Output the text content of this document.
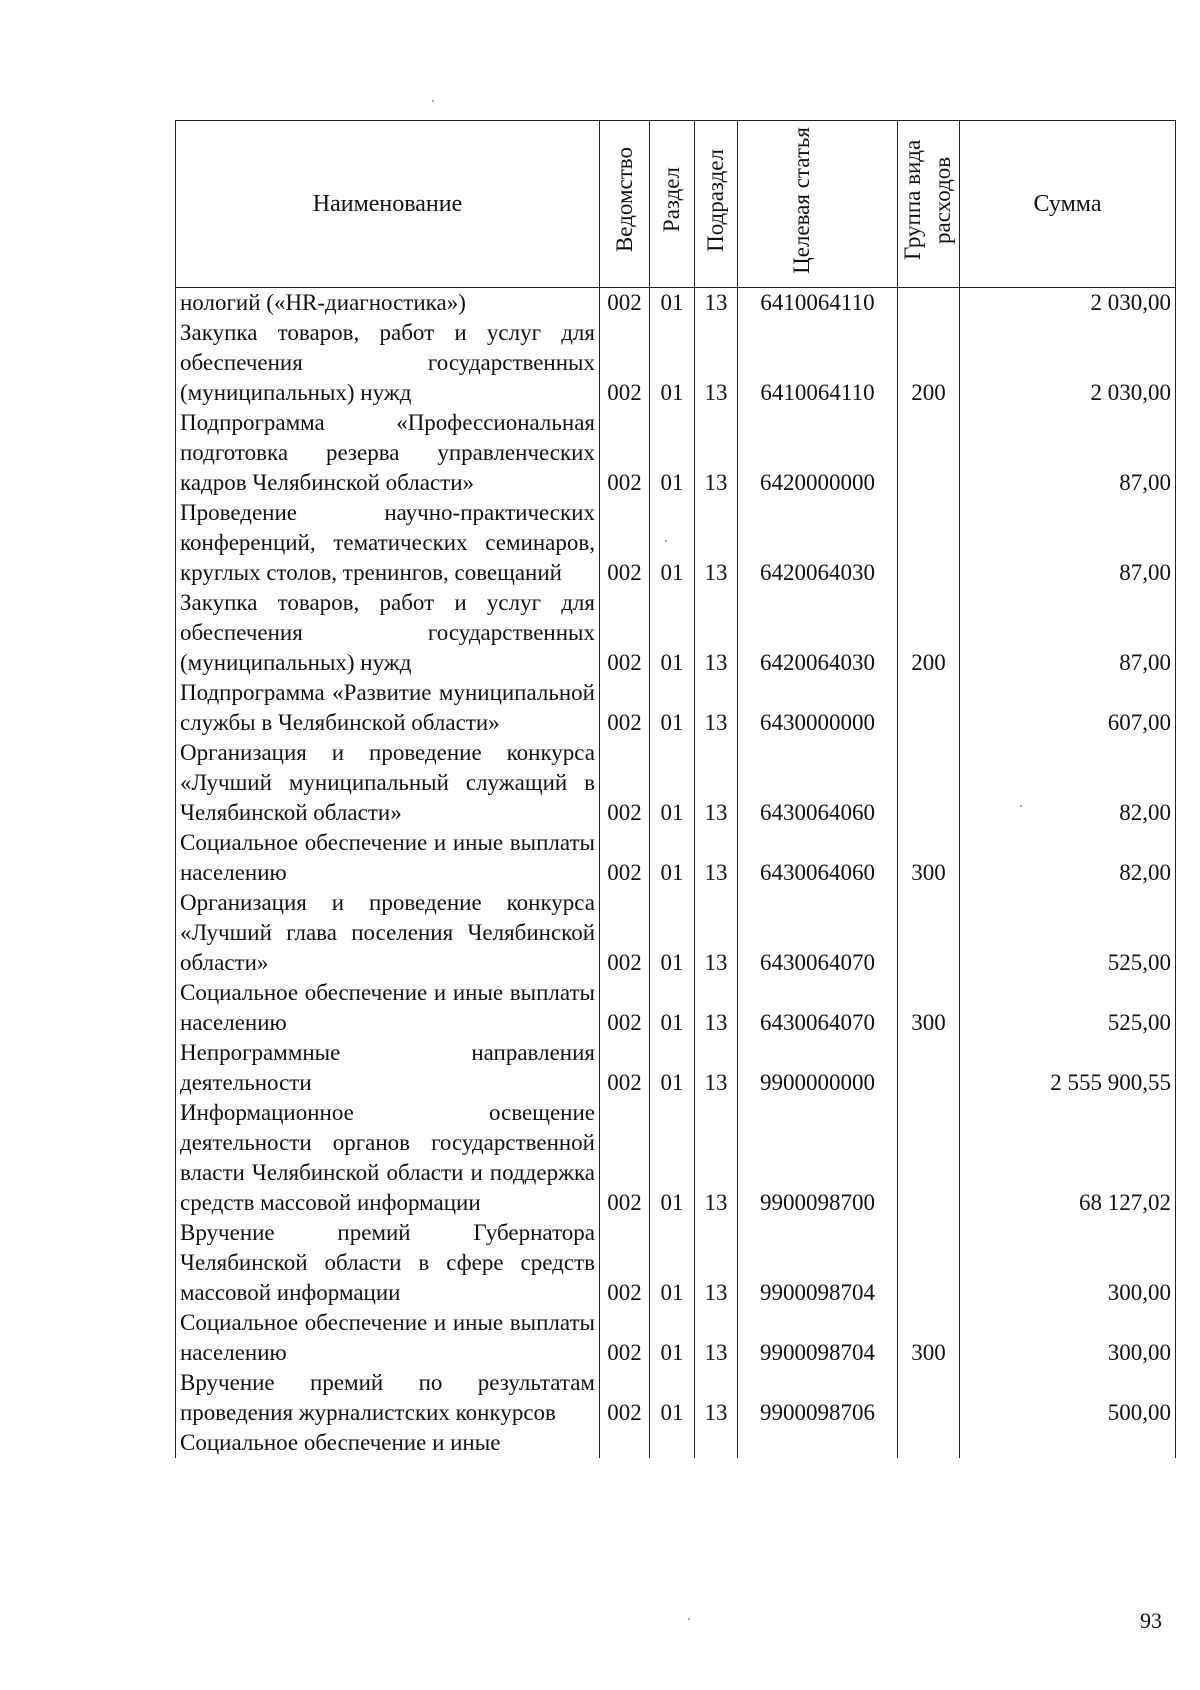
Наименование	Ведомство	Раздел	Подраздел	Целевая статья	Группа вида расходов	Сумма
нологий («HR-диагностика»)	002	01	13	6410064110		2 030,00
Закупка товаров, работ и услуг для обеспечения государственных (муниципальных) нужд	002	01	13	6410064110	200	2 030,00
Подпрограмма «Профессиональная подготовка резерва управленческих кадров Челябинской области»	002	01	13	6420000000		87,00
Проведение научно-практических конференций, тематических семинаров, круглых столов, тренингов, совещаний	002	01	13	6420064030		87,00
Закупка товаров, работ и услуг для обеспечения государственных (муниципальных) нужд	002	01	13	6420064030	200	87,00
Подпрограмма «Развитие муниципальной службы в Челябинской области»	002	01	13	6430000000		607,00
Организация и проведение конкурса «Лучший муниципальный служащий в Челябинской области»	002	01	13	6430064060		82,00
Социальное обеспечение и иные выплаты населению	002	01	13	6430064060	300	82,00
Организация и проведение конкурса «Лучший глава поселения Челябинской области»	002	01	13	6430064070		525,00
Социальное обеспечение и иные выплаты населению	002	01	13	6430064070	300	525,00
Непрограммные направления деятельности	002	01	13	9900000000		2 555 900,55
Информационное освещение деятельности органов государственной власти Челябинской области и поддержка средств массовой информации	002	01	13	9900098700		68 127,02
Вручение премий Губернатора Челябинской области в сфере средств массовой информации	002	01	13	9900098704		300,00
Социальное обеспечение и иные выплаты населению	002	01	13	9900098704	300	300,00
Вручение премий по результатам проведения журналистских конкурсов	002	01	13	9900098706		500,00
Социальное обеспечение и иные						
93
